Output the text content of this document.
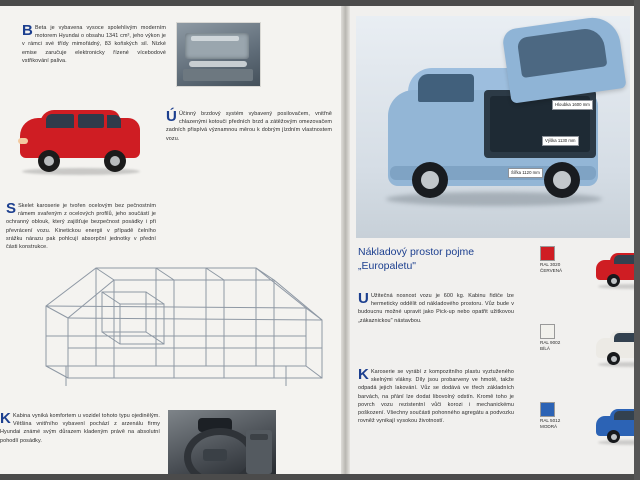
B Beta je vybavena vysoce spolehlivým moderním motorem Hyundai o obsahu 1341 cm³, jeho výkon je v rámci své třídy mimořádný, 83 koňských sil. Nízké emise zaručuje elektronicky řízené vícebodové vstřikování paliva.
Ú Účinný brzdový systém vybavený posilovačem, vnitřně chlazenými kotouči předních brzd a zátěžovým omezovačem zadních přispívá významnou měrou k dobrým jízdním vlastnostem vozu.
S Skelet karoserie je tvořen ocelovým bez pečnostním rámem svařeným z ocelových profilů, jeho součástí je ochranný oblouk, který zajišťuje bezpečnost posádky i při převrácení vozu. Kinetickou energii v případě čelního srážku nárazu pak pohlcují absorpční jednotky v přední části konstrukce.
K Kabina vyniká komfortem u vozidel tohoto typu ojedinělým. Většina vnitřního vybavení pochází z arzenálu firmy Hyundai známé svým důrazem kladeným právě na absolutní pohodlí posádky.
Hloubka 1600 mm
Výška 1130 mm
Šířka 1120 mm
Nákladový prostor pojme
„Europaletu"
U Užitečná nosnost vozu je 600 kg. Kabinu řidiče lze hermeticky oddělit od nákladového prostoru. Vůz bude v budoucnu možné upravit jako Pick-up nebo opatřit užitkovou „zákaznickou" nástavbou.
K Karoserie se vyrábí z kompozitního plastu vyztuženého skelnými vlákny. Díly jsou probarveny ve hmotě, takže odpadá jejich lakování. Vůz se dodává ve třech základních barvách, na přání lze dodat libovolný odstín. Kromě toho je povrch vozu rezistentní vůči korozi i mechanickému poškození. Všechny součásti pohonného agregátu a podvozku rovněž vynikají vysokou životností.
RAL 3020
ČERVENÁ
RAL 9002
BÍLÁ
RAL 5012
MODRÁ
